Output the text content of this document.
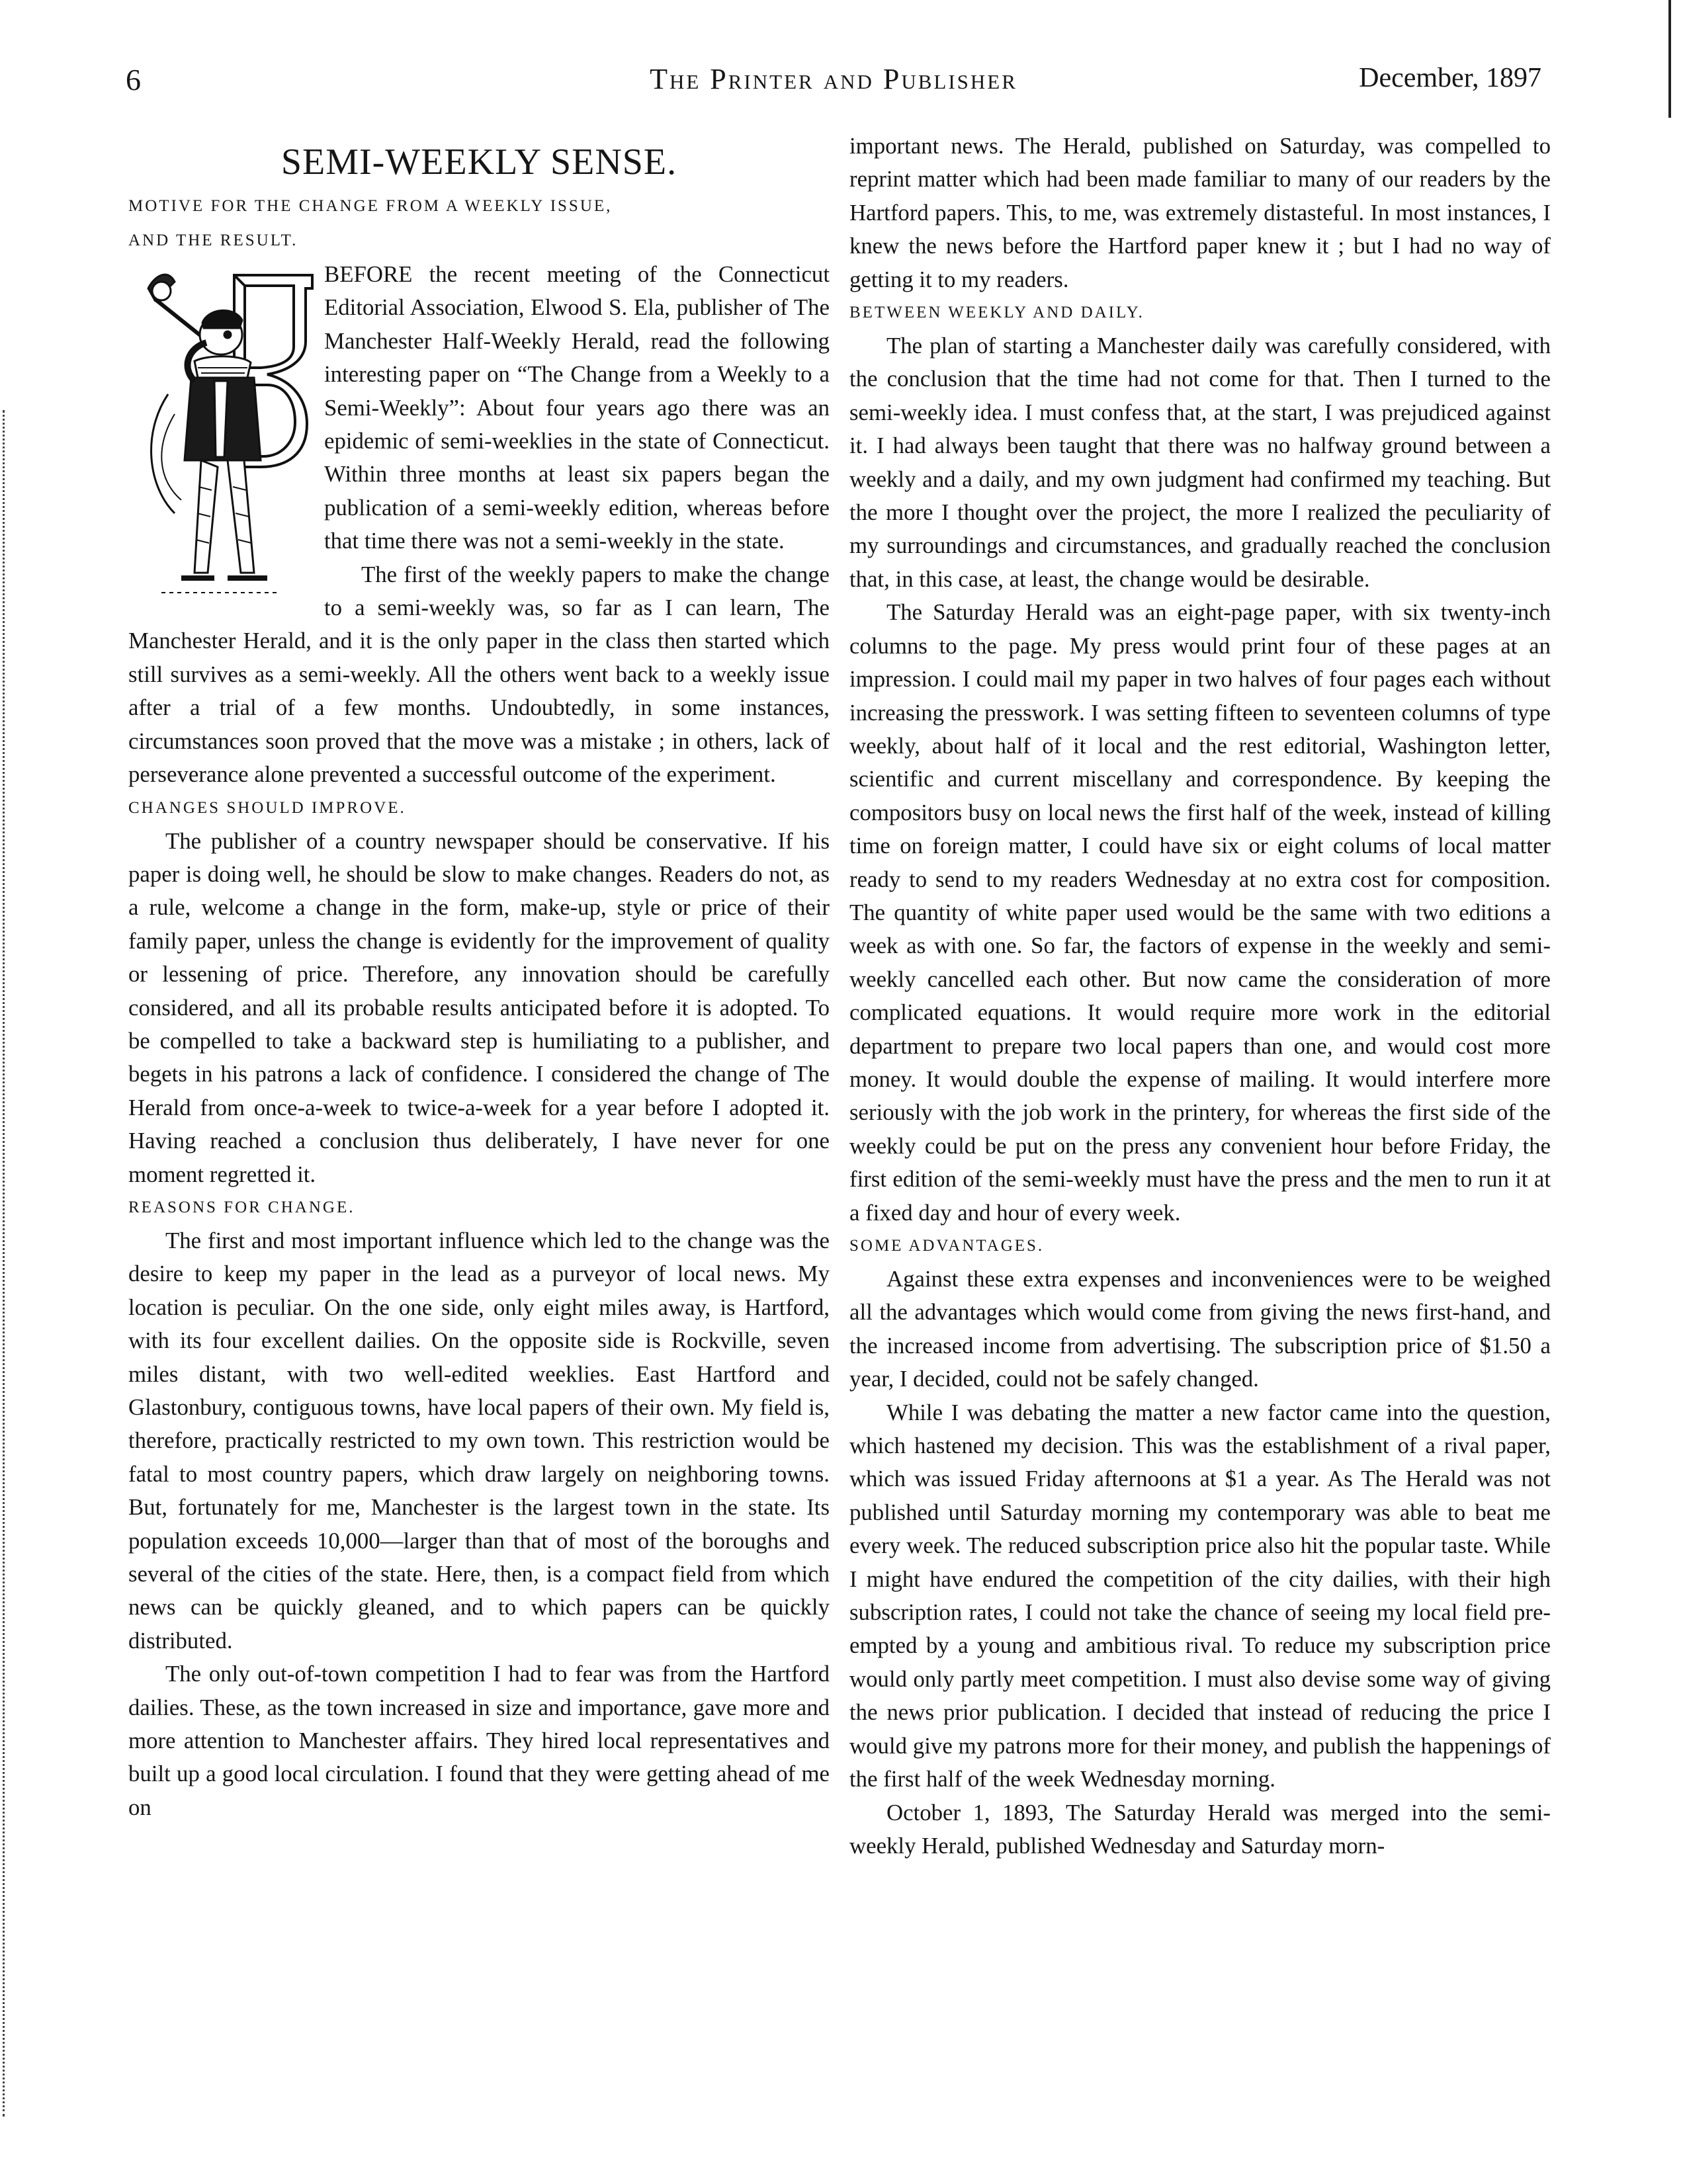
6	The Printer and Publisher	December, 1897
SEMI-WEEKLY SENSE.

MOTIVE FOR THE CHANGE FROM A WEEKLY ISSUE,

AND THE RESULT.

BEFORE the recent meeting of the Connecticut Editorial Association, Elwood S. Ela, publisher of The Manchester Half-Weekly Herald, read the following interesting paper on “The Change from a Weekly to a Semi-Weekly”: About four years ago there was an epidemic of semi-weeklies in the state of Connecticut. Within three months at least six papers began the publication of a semi-weekly edition, whereas before that time there was not a semi-weekly in the state.

The first of the weekly papers to make the change to a semi-weekly was, so far as I can learn, The Manchester Herald, and it is the only paper in the class then started which still survives as a semi-weekly. All the others went back to a weekly issue after a trial of a few months. Undoubtedly, in some instances, circumstances soon proved that the move was a mistake ; in others, lack of perseverance alone prevented a successful outcome of the experiment.

CHANGES SHOULD IMPROVE.

The publisher of a country newspaper should be conservative. If his paper is doing well, he should be slow to make changes. Readers do not, as a rule, welcome a change in the form, make-up, style or price of their family paper, unless the change is evidently for the improvement of quality or lessening of price. Therefore, any innovation should be carefully considered, and all its probable results anticipated before it is adopted. To be compelled to take a backward step is humiliating to a publisher, and begets in his patrons a lack of confidence. I considered the change of The Herald from once-a-week to twice-a-week for a year before I adopted it. Having reached a conclusion thus deliberately, I have never for one moment regretted it.

REASONS FOR CHANGE.

The first and most important influence which led to the change was the desire to keep my paper in the lead as a purveyor of local news. My location is peculiar. On the one side, only eight miles away, is Hartford, with its four excellent dailies. On the opposite side is Rockville, seven miles distant, with two well-edited weeklies. East Hartford and Glastonbury, contiguous towns, have local papers of their own. My field is, therefore, practically restricted to my own town. This restriction would be fatal to most country papers, which draw largely on neighboring towns. But, fortunately for me, Manchester is the largest town in the state. Its population exceeds 10,000—larger than that of most of the boroughs and several of the cities of the state. Here, then, is a compact field from which news can be quickly gleaned, and to which papers can be quickly distributed.

The only out-of-town competition I had to fear was from the Hartford dailies. These, as the town increased in size and importance, gave more and more attention to Manchester affairs. They hired local representatives and built up a good local circulation. I found that they were getting ahead of me on

important news. The Herald, published on Saturday, was compelled to reprint matter which had been made familiar to many of our readers by the Hartford papers. This, to me, was extremely distasteful. In most instances, I knew the news before the Hartford paper knew it ; but I had no way of getting it to my readers.

BETWEEN WEEKLY AND DAILY.

The plan of starting a Manchester daily was carefully considered, with the conclusion that the time had not come for that. Then I turned to the semi-weekly idea. I must confess that, at the start, I was prejudiced against it. I had always been taught that there was no halfway ground between a weekly and a daily, and my own judgment had confirmed my teaching. But the more I thought over the project, the more I realized the peculiarity of my surroundings and circumstances, and gradually reached the conclusion that, in this case, at least, the change would be desirable.

The Saturday Herald was an eight-page paper, with six twenty-inch columns to the page. My press would print four of these pages at an impression. I could mail my paper in two halves of four pages each without increasing the presswork. I was setting fifteen to seventeen columns of type weekly, about half of it local and the rest editorial, Washington letter, scientific and current miscellany and correspondence. By keeping the compositors busy on local news the first half of the week, instead of killing time on foreign matter, I could have six or eight colums of local matter ready to send to my readers Wednesday at no extra cost for composition. The quantity of white paper used would be the same with two editions a week as with one. So far, the factors of expense in the weekly and semi-weekly cancelled each other. But now came the consideration of more complicated equations. It would require more work in the editorial department to prepare two local papers than one, and would cost more money. It would double the expense of mailing. It would interfere more seriously with the job work in the printery, for whereas the first side of the weekly could be put on the press any convenient hour before Friday, the first edition of the semi-weekly must have the press and the men to run it at a fixed day and hour of every week.

SOME ADVANTAGES.

Against these extra expenses and inconveniences were to be weighed all the advantages which would come from giving the news first-hand, and the increased income from advertising. The subscription price of $1.50 a year, I decided, could not be safely changed.

While I was debating the matter a new factor came into the question, which hastened my decision. This was the establishment of a rival paper, which was issued Friday afternoons at $1 a year. As The Herald was not published until Saturday morning my contemporary was able to beat me every week. The reduced subscription price also hit the popular taste. While I might have endured the competition of the city dailies, with their high subscription rates, I could not take the chance of seeing my local field pre-empted by a young and ambitious rival. To reduce my subscription price would only partly meet competition. I must also devise some way of giving the news prior publication. I decided that instead of reducing the price I would give my patrons more for their money, and publish the happenings of the first half of the week Wednesday morning.

October 1, 1893, The Saturday Herald was merged into the semi-weekly Herald, published Wednesday and Saturday morn-
